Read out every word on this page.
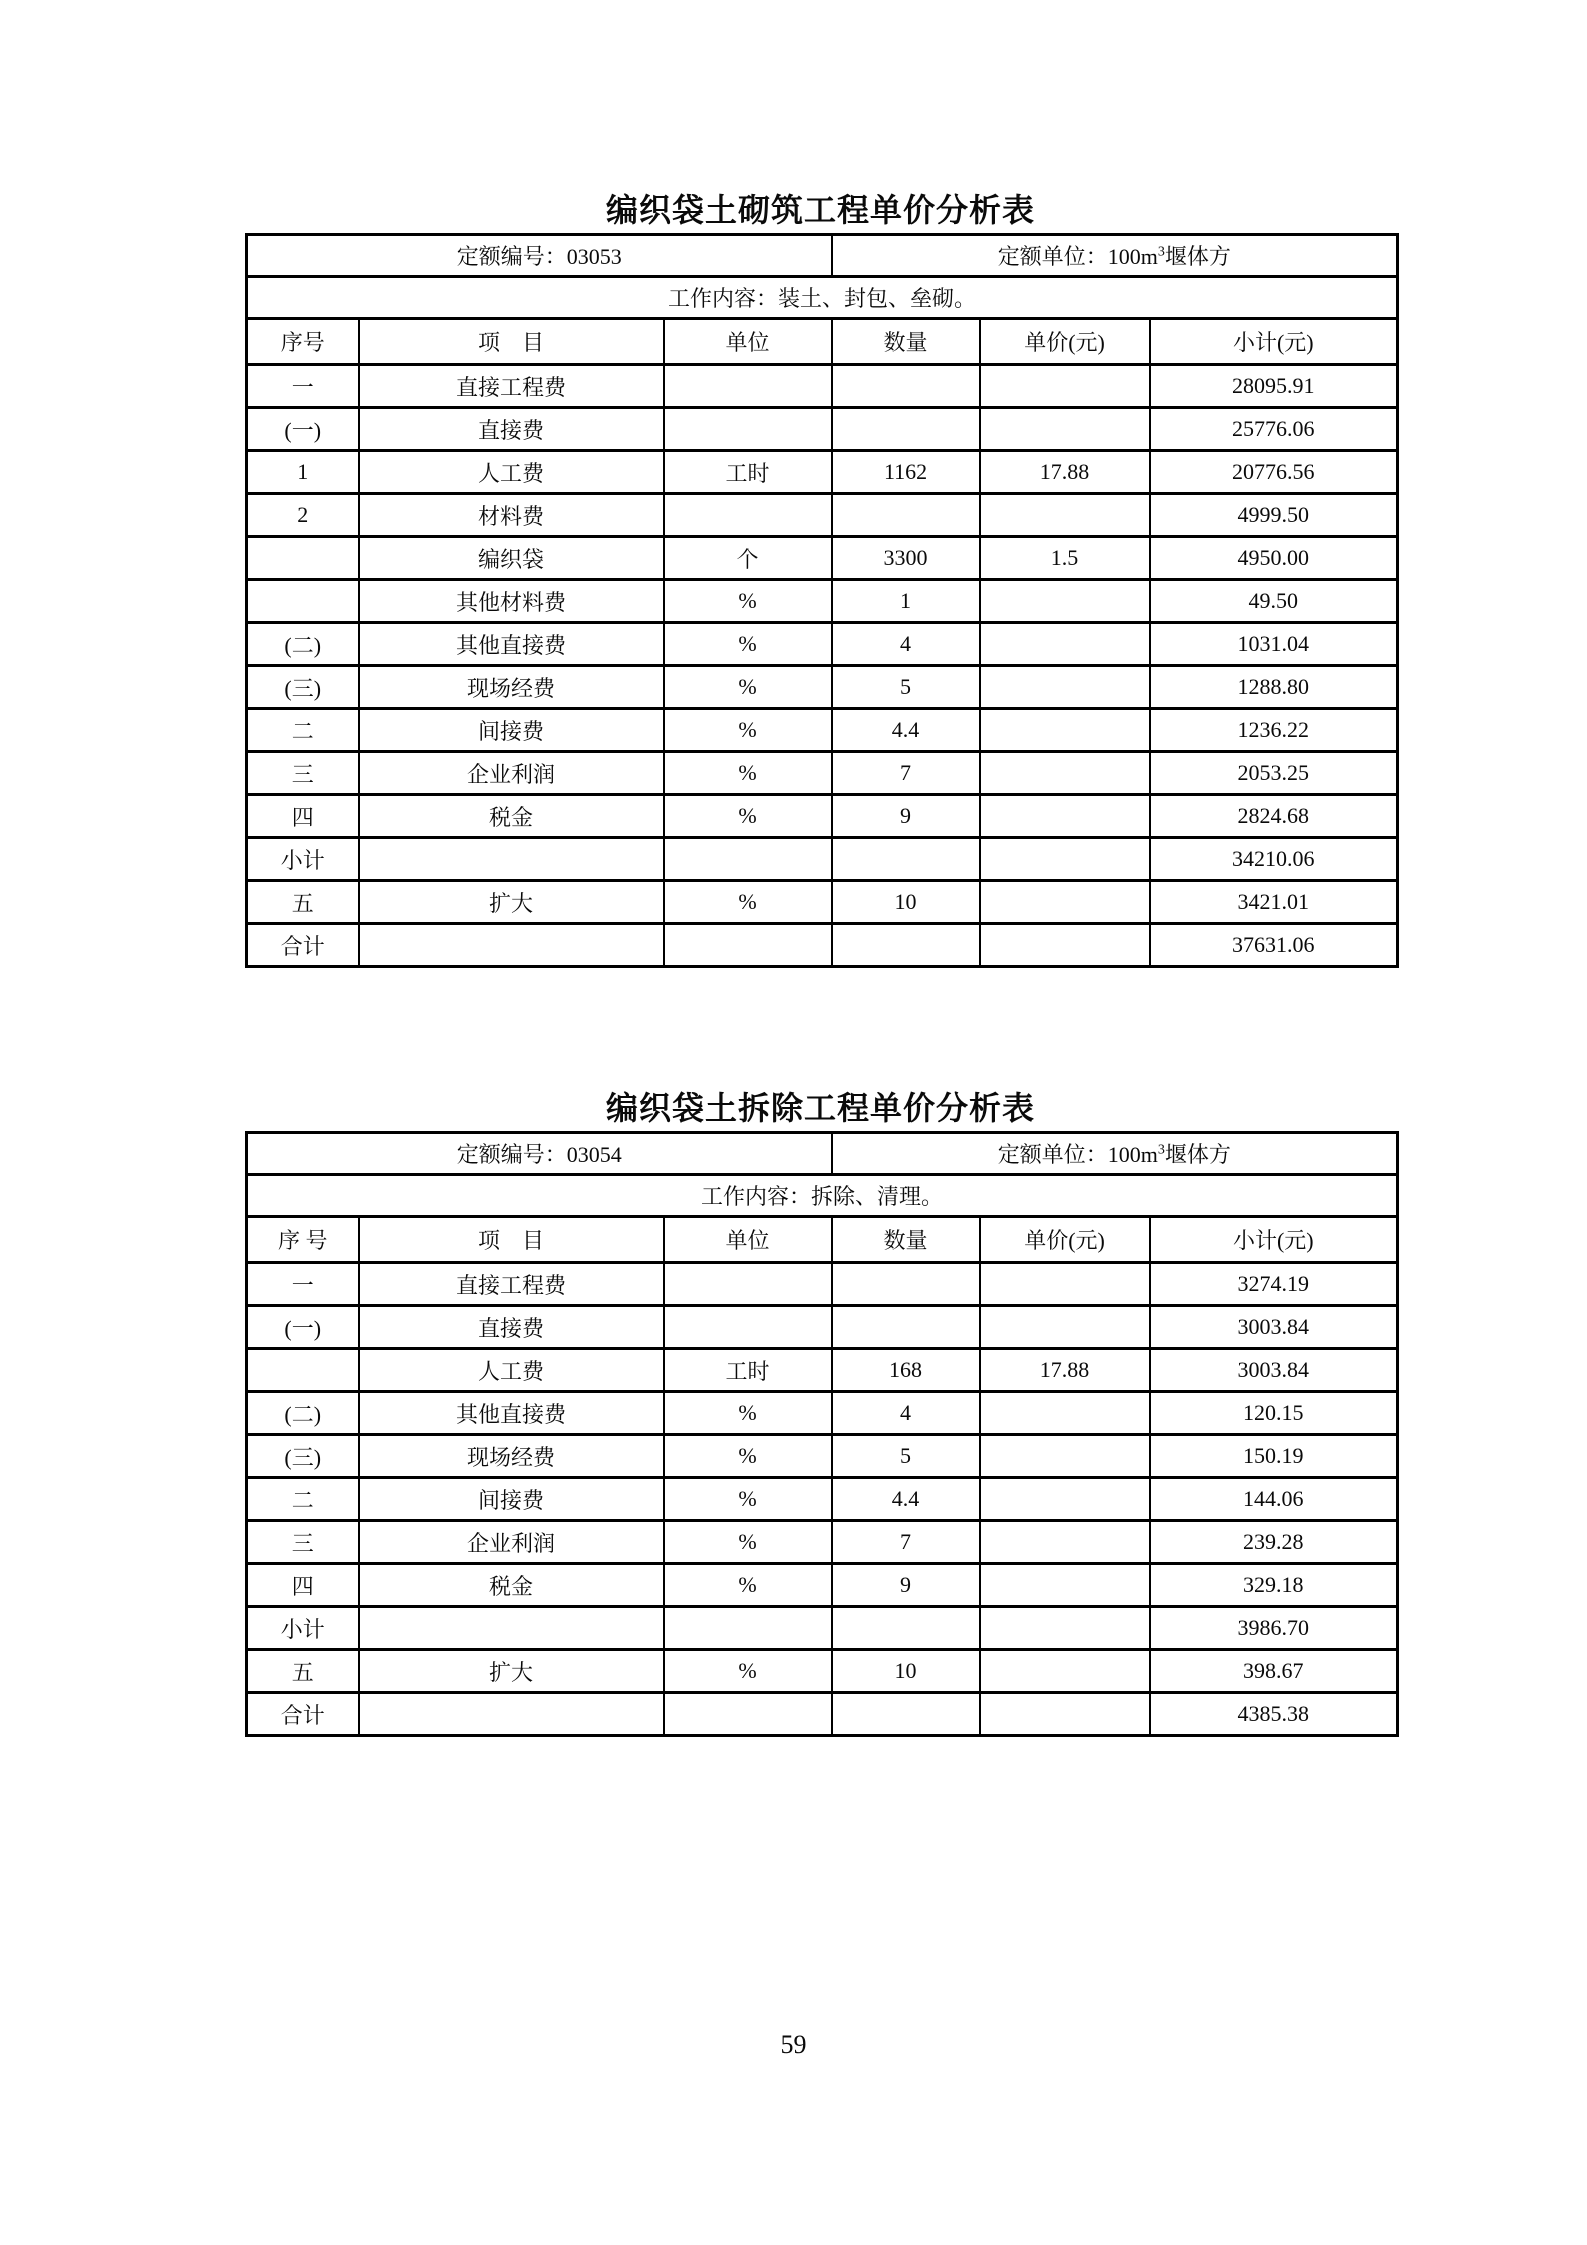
编织袋土砌筑工程单价分析表
定额编号：03053			定额单位：$100m^3$堰体方		
工作内容：装土、封包、垒砌。					
序号	项　目	单位	数量	单价(元)	小计(元)
一	直接工程费				28095.91
(一)	直接费				25776.06
1	人工费	工时	1162	17.88	20776.56
2	材料费				4999.50
	编织袋	个	3300	1.5	4950.00
	其他材料费	%	1		49.50
(二)	其他直接费	%	4		1031.04
(三)	现场经费	%	5		1288.80
二	间接费	%	4.4		1236.22
三	企业利润	%	7		2053.25
四	税金	%	9		2824.68
小计					34210.06
五	扩大	%	10		3421.01
合计					37631.06
编织袋土拆除工程单价分析表
定额编号：03054			定额单位：$100m^3$堰体方		
工作内容：拆除、清理。					
序 号	项　目	单位	数量	单价(元)	小计(元)
一	直接工程费				3274.19
(一)	直接费				3003.84
	人工费	工时	168	17.88	3003.84
(二)	其他直接费	%	4		120.15
(三)	现场经费	%	5		150.19
二	间接费	%	4.4		144.06
三	企业利润	%	7		239.28
四	税金	%	9		329.18
小计					3986.70
五	扩大	%	10		398.67
合计					4385.38
59
